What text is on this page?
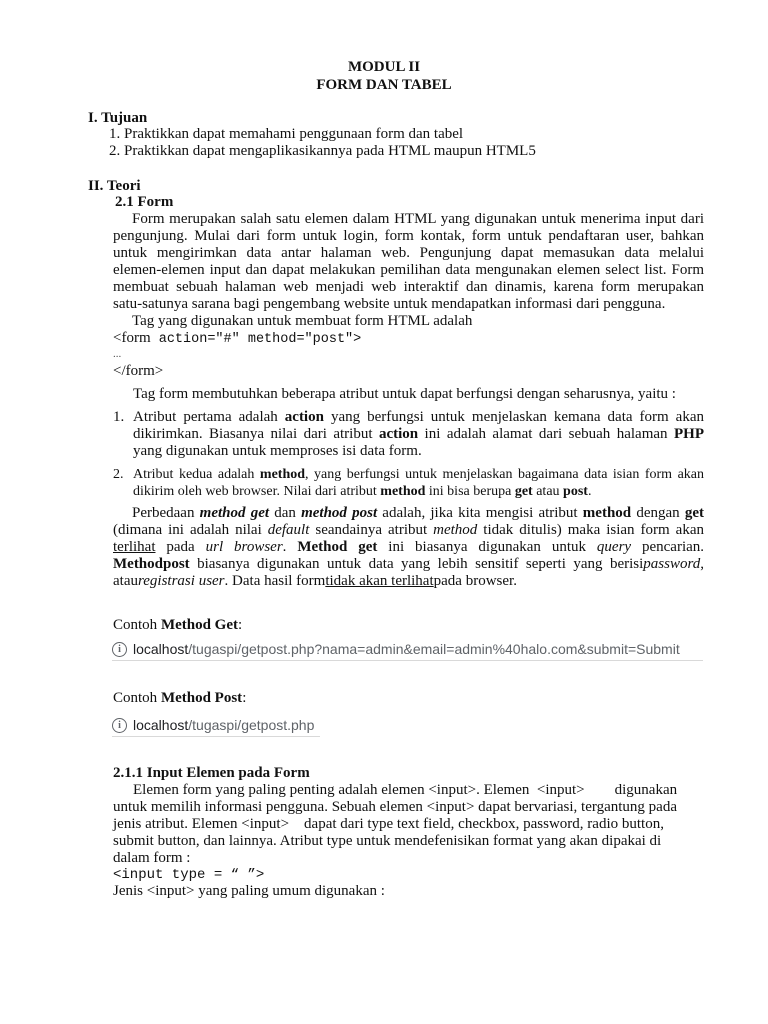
MODUL II
FORM DAN TABEL
I. Tujuan
1. Praktikkan dapat memahami penggunaan form dan tabel
2. Praktikkan dapat mengaplikasikannya pada HTML maupun HTML5
II. Teori
2.1 Form
Form merupakan salah satu elemen dalam HTML yang digunakan untuk menerima input dari
pengunjung. Mulai dari form untuk login, form kontak, form untuk pendaftaran user, bahkan
untuk mengirimkan data antar halaman web. Pengunjung dapat memasukan data melalui
elemen-elemen input dan dapat melakukan pemilihan data mengunakan elemen select list. Form
membuat sebuah halaman web menjadi web interaktif dan dinamis, karena form merupakan
satu-satunya sarana bagi pengembang website untuk mendapatkan informasi dari pengguna.
Tag yang digunakan untuk membuat form HTML adalah
<form action="#" method="post">
...
</form>
Tag form membutuhkan beberapa atribut untuk dapat berfungsi dengan seharusnya, yaitu :
1. Atribut pertama adalah action yang berfungsi untuk menjelaskan kemana data form akan
dikirimkan. Biasanya nilai dari atribut action ini adalah alamat dari sebuah halaman PHP
yang digunakan untuk memproses isi data form.
2. Atribut kedua adalah method, yang berfungsi untuk menjelaskan bagaimana data isian form akan
dikirim oleh web browser. Nilai dari atribut method ini bisa berupa get atau post.
Perbedaan method get dan method post adalah, jika kita mengisi atribut method dengan get
(dimana ini adalah nilai default seandainya atribut method tidak ditulis) maka isian form akan
terlihat pada url browser. Method get ini biasanya digunakan untuk query pencarian.
Methodpost biasanya digunakan untuk data yang lebih sensitif seperti yang berisipassword,
atauregistrasi user. Data hasil formtidak akan terlihatpada browser.
Contoh Method Get:
i localhost /tugaspi/getpost.php?nama=admin&email=admin%40halo.com&submit=Submit
Contoh Method Post:
i localhost /tugaspi/getpost.php
2.1.1 Input Elemen pada Form
Elemen form yang paling penting adalah elemen <input>. Elemen  <input>        digunakan
untuk memilih informasi pengguna. Sebuah elemen <input> dapat bervariasi, tergantung pada
jenis atribut. Elemen <input>    dapat dari type text field, checkbox, password, radio button,
submit button, dan lainnya. Atribut type untuk mendefenisikan format yang akan dipakai di
dalam form :
<input type = “ ”>
Jenis <input> yang paling umum digunakan :
